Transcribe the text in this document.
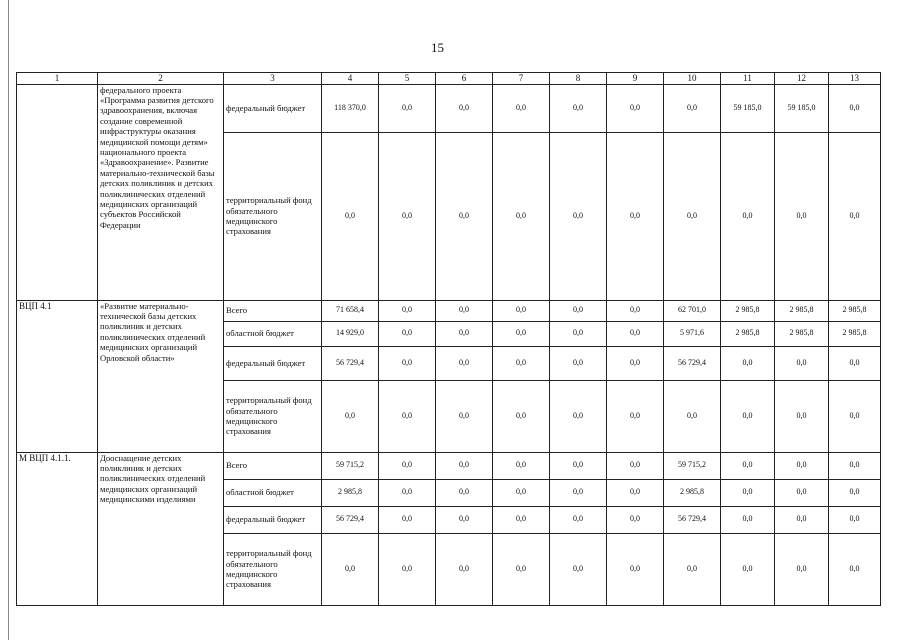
15
1	2	3	4	5	6	7	8	9	10	11	12	13
	федерального проекта «Программа развития детского здравоохранения, включая создание современной инфраструктуры оказания медицинской помощи детям» национального проекта «Здравоохранение». Развитие материально-технической базы детских поликлиник и детских поликлинических отделений медицинских организаций субъектов Российской Федерации	федеральный бюджет	118 370,0	0,0	0,0	0,0	0,0	0,0	0,0	59 185,0	59 185,0	0,0
		территориальный фонд обязательного медицинского страхования	0,0	0,0	0,0	0,0	0,0	0,0	0,0	0,0	0,0	0,0
ВЦП 4.1	«Развитие материально-технической базы детских поликлиник и детских поликлинических отделений медицинских организаций Орловской области»	Всего	71 658,4	0,0	0,0	0,0	0,0	0,0	62 701,0	2 985,8	2 985,8	2 985,8
		областной бюджет	14 929,0	0,0	0,0	0,0	0,0	0,0	5 971,6	2 985,8	2 985,8	2 985,8
		федеральный бюджет	56 729,4	0,0	0,0	0,0	0,0	0,0	56 729,4	0,0	0,0	0,0
		территориальный фонд обязательного медицинского страхования	0,0	0,0	0,0	0,0	0,0	0,0	0,0	0,0	0,0	0,0
М ВЦП 4.1.1.	Дооснащение детских поликлиник и детских поликлинических отделений медицинских организаций медицинскими изделиями	Всего	59 715,2	0,0	0,0	0,0	0,0	0,0	59 715,2	0,0	0,0	0,0
		областной бюджет	2 985,8	0,0	0,0	0,0	0,0	0,0	2 985,8	0,0	0,0	0,0
		федеральный бюджет	56 729,4	0,0	0,0	0,0	0,0	0,0	56 729,4	0,0	0,0	0,0
		территориальный фонд обязательного медицинского страхования	0,0	0,0	0,0	0,0	0,0	0,0	0,0	0,0	0,0	0,0
